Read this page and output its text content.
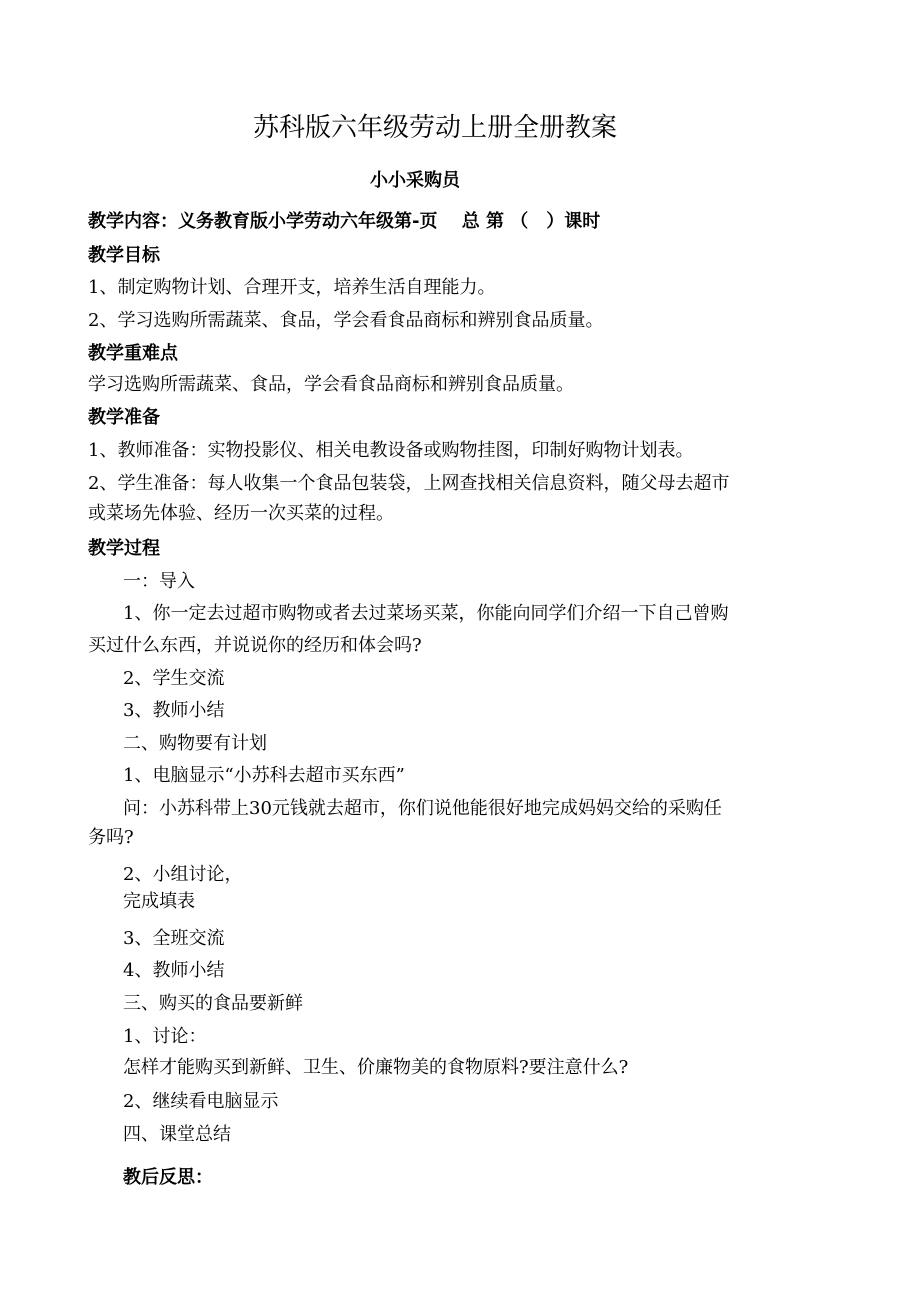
苏科版六年级劳动上册全册教案
小小采购员
教学内容：义务教育版小学劳动六年级第-页　 总 第 （　）课时
教学目标
1、制定购物计划、合理开支，培养生活自理能力。
2、学习选购所需蔬菜、食品，学会看食品商标和辨别食品质量。
教学重难点
学习选购所需蔬菜、食品，学会看食品商标和辨别食品质量。
教学准备
1、教师准备：实物投影仪、相关电教设备或购物挂图，印制好购物计划表。
2、学生准备：每人收集一个食品包装袋，上网查找相关信息资料，随父母去超市
或菜场先体验、经历一次买菜的过程。
教学过程
一：导入
1、你一定去过超市购物或者去过菜场买菜，你能向同学们介绍一下自己曾购
买过什么东西，并说说你的经历和体会吗?
2、学生交流
3、教师小结
二、购物要有计划
1、电脑显示“小苏科去超市买东西”
问：小苏科带上30元钱就去超市，你们说他能很好地完成妈妈交给的采购任
务吗?
2、小组讨论，
完成填表
3、全班交流
4、教师小结
三、购买的食品要新鲜
1、讨论：
怎样才能购买到新鲜、卫生、价廉物美的食物原料?要注意什么?
2、继续看电脑显示
四、课堂总结
教后反思：
